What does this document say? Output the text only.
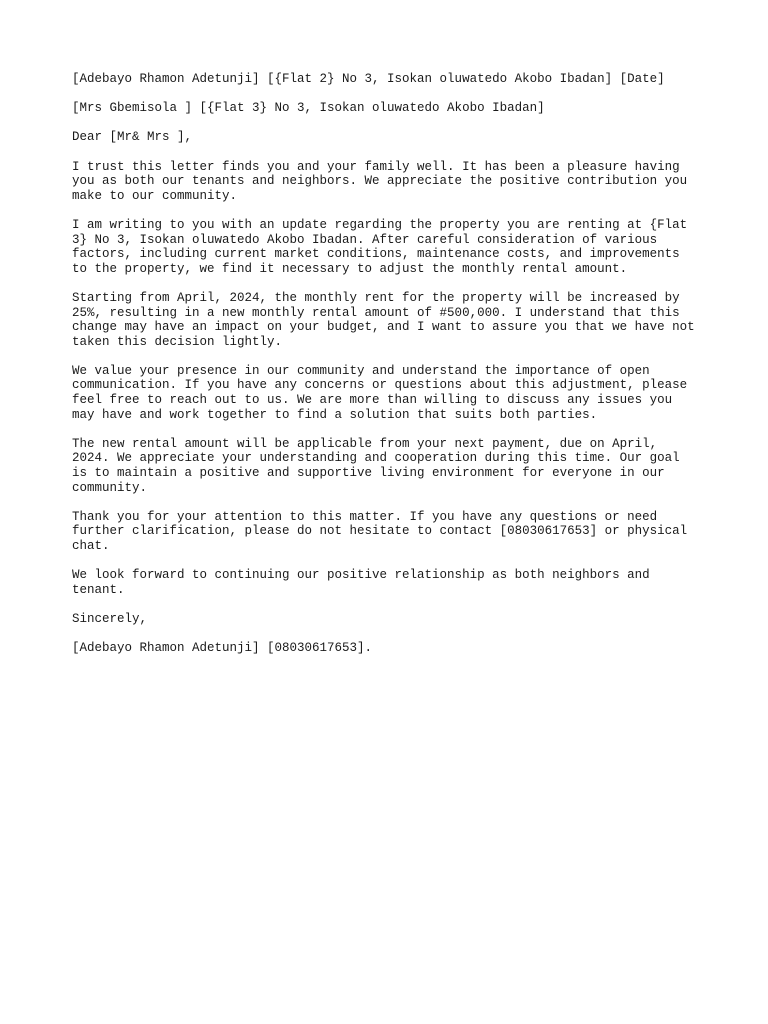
[Adebayo Rhamon Adetunji] [{Flat 2} No 3, Isokan oluwatedo Akobo Ibadan] [Date]

[Mrs Gbemisola ] [{Flat 3} No 3, Isokan oluwatedo Akobo Ibadan]

Dear [Mr& Mrs ],

I trust this letter finds you and your family well. It has been a pleasure having
you as both our tenants and neighbors. We appreciate the positive contribution you
make to our community.

I am writing to you with an update regarding the property you are renting at {Flat
3} No 3, Isokan oluwatedo Akobo Ibadan. After careful consideration of various
factors, including current market conditions, maintenance costs, and improvements
to the property, we find it necessary to adjust the monthly rental amount.

Starting from April, 2024, the monthly rent for the property will be increased by
25%, resulting in a new monthly rental amount of #500,000. I understand that this
change may have an impact on your budget, and I want to assure you that we have not
taken this decision lightly.

We value your presence in our community and understand the importance of open
communication. If you have any concerns or questions about this adjustment, please
feel free to reach out to us. We are more than willing to discuss any issues you
may have and work together to find a solution that suits both parties.

The new rental amount will be applicable from your next payment, due on April,
2024. We appreciate your understanding and cooperation during this time. Our goal
is to maintain a positive and supportive living environment for everyone in our
community.

Thank you for your attention to this matter. If you have any questions or need
further clarification, please do not hesitate to contact [08030617653] or physical
chat.

We look forward to continuing our positive relationship as both neighbors and
tenant.

Sincerely,

[Adebayo Rhamon Adetunji] [08030617653].
